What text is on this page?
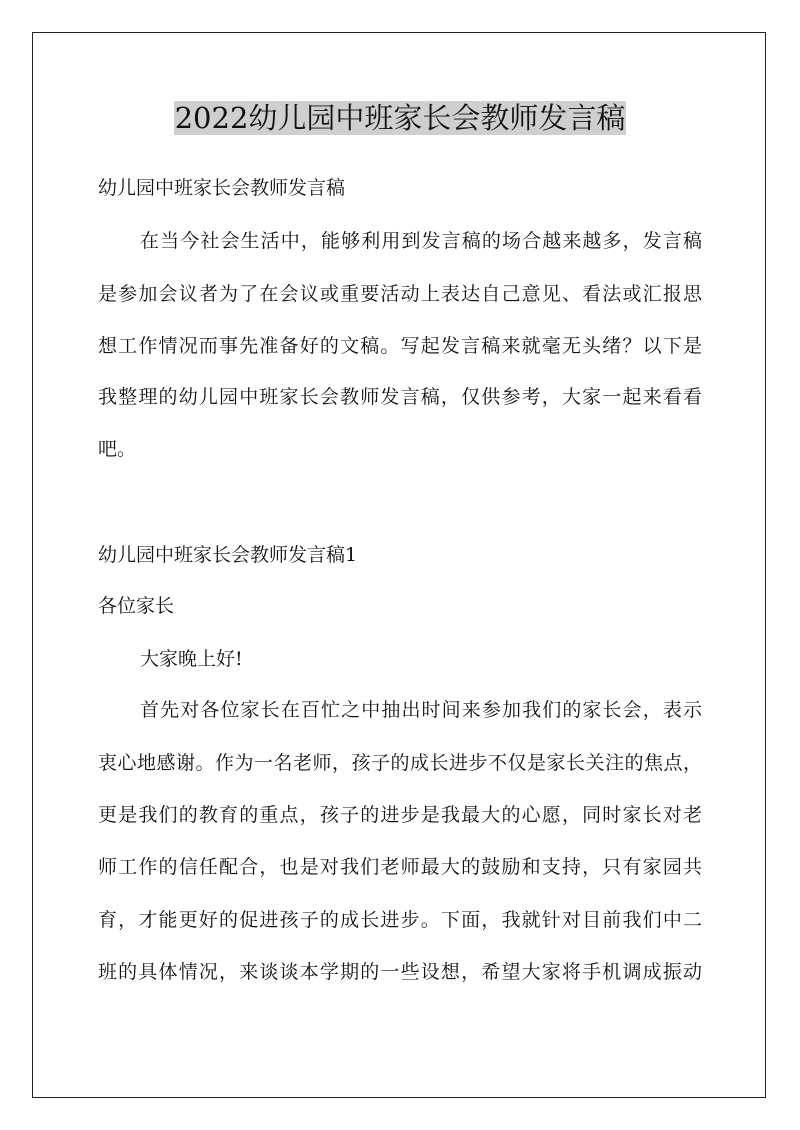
2022幼儿园中班家长会教师发言稿
幼儿园中班家长会教师发言稿
在当今社会生活中，能够利用到发言稿的场合越来越多，发言稿
是参加会议者为了在会议或重要活动上表达自己意见、看法或汇报思
想工作情况而事先准备好的文稿。写起发言稿来就毫无头绪？以下是
我整理的幼儿园中班家长会教师发言稿，仅供参考，大家一起来看看
吧。
幼儿园中班家长会教师发言稿1
各位家长
大家晚上好!
首先对各位家长在百忙之中抽出时间来参加我们的家长会，表示
衷心地感谢。作为一名老师，孩子的成长进步不仅是家长关注的焦点，
更是我们的教育的重点，孩子的进步是我最大的心愿，同时家长对老
师工作的信任配合，也是对我们老师最大的鼓励和支持，只有家园共
育，才能更好的促进孩子的成长进步。下面，我就针对目前我们中二
班的具体情况，来谈谈本学期的一些设想，希望大家将手机调成振动
